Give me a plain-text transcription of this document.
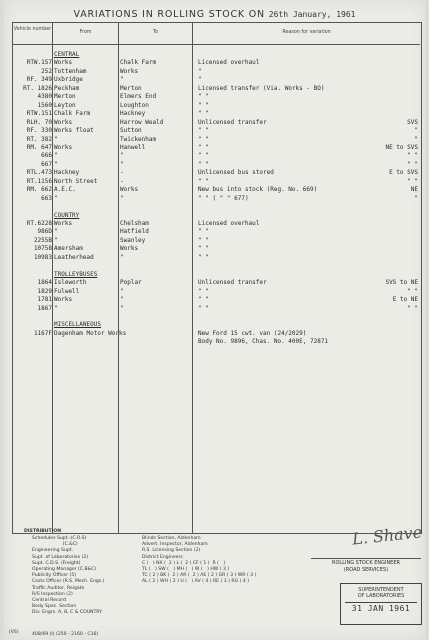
VARIATIONS IN ROLLING STOCK ON 26th January, 1961
Vehicle number
From	To	Reason for variation
CENTRAL
RTW.157 Works	Chalk Farm	Licensed overhaul
252 Tottenham	Works	"
RF. 349 Uxbridge	"	"
RT. 1826 Peckham	Merton	Licensed transfer (Via. Works - BO)
4380 Merton	Elmers End	" "
1560 Leyton	Loughton	" "
RTW.151 Chalk Farm	Hackney	" "
RLH. 70 Works	Harrow Weald	Unlicensed transfer	SVS
RF. 330 Works float	Sutton	" "	"
RT. 382 "	Twickenham	" "	"
RM. 647 Works	Hanwell	" "	NE to SVS
666 "	"	" "	" "
667 "	"	" "	" "
RTL.473 Hackney	-	Unlicensed bus stored	E to SVS
RT.1156 North Street	-	" "	" "
RM. 662 A.E.C.	Works	New bus into stock (Reg. No. 669)	NE
663 "	"	" " ( " " 677)	"
COUNTRY
RT.6228 Works	Chelsham	Licensed overhaul
986D "	Hatfield	" "
2255B "	Swanley	" "
10758 Amersham	Works	" "
10983 Leatherhead	"	" "
TROLLEYBUSES
1864 Isleworth	Poplar	Unlicensed transfer	SVS to NE
1829 Fulwell	"	" "	" "
1781 Works	"	" "	E to NE
1867 "	"	" "	" "
MISCELLANEOUS
1167F Dagenham Motor Works	New Ford 15 cwt. van (24/2029)
Body No. 9896, Chas. No. 400E, 72871
DISTRIBUTION
Schedules Supt.-(C.R.S)
(C.&C)
Engineering Supt.
Supt. of Laboratories (2)
Supt. C.D.S. (Freight)
Operating Manager (C.B&C)
Publicity Officer (5)
Costs Officer (R.S. Mech. Engs.)
Traffic Auditor, Reigate
R/S Inspection (2)
Central Record
Body Spec. Section
Div. Engrs. A, B, C & COUNTRY
Blinds Section, Aldenham
Advert. Inspector, Aldenham
R.S. Licensing Section (2)
District Engineers
C (   ) NX (  2 ) L (  2 ) CF ( 1 )  R (   )
TL (   ) SW (   ) MH (   ) W (   ) HW ( 3 )
TC ( 2 ) BK (  2 ) AR (  2 ) AE ( 2 ) GR ( 3 ) WR ( 3 )
AL ( 2 ) WH ( 2 ) U (   ) AV ( 4 ) RE ( 3 ) RG ( 4 )
(VS)	408/69 (I) (250 - 2160 - C16)
L. Shave
ROLLING STOCK ENGINEER
(ROAD SERVICES)
SUPERINTENDENT
OF LABORATORIES
31 JAN 1961
